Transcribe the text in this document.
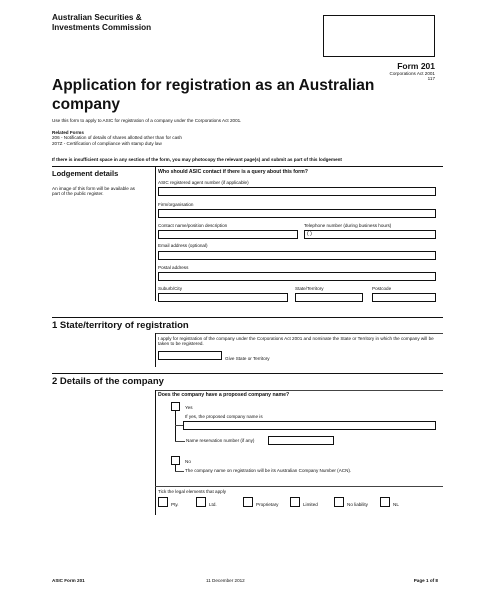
Australian Securities &
Investments Commission
Form 201
Corporations Act 2001
117
Application for registration as an Australian
company
Use this form to apply to ASIC for registration of a company under the Corporations Act 2001.
Related Forms
206 - Notification of details of shares allotted other than for cash
207Z - Certification of compliance with stamp duty law
If there is insufficient space in any section of the form, you may photocopy the relevant page(s) and submit as part of this lodgement
Lodgement details
An image of this form will be available as part of the public register.
Who should ASIC contact if there is a query about this form?
ASIC registered agent number (if applicable)
Firm/organisation
Contact name/position description	Telephone number (during business hours)
( )
Email address (optional)
Postal address
Suburb/City	State/Territory	Postcode
1 State/territory of registration
I apply for registration of the company under the Corporations Act 2001 and nominate the State or Territory in which the company will be taken to be registered.
Give State or Territory
2 Details of the company
Does the company have a proposed company name?
Yes
If yes, the proposed company name is
Name reservation number (if any)
No
The company name on registration will be its Australian Company Number (ACN).
Tick the legal elements that apply
Pty.	Ltd.	Proprietary	Limited	No liability	NL
ASIC Form 201	11 December 2012	Page 1 of 8
